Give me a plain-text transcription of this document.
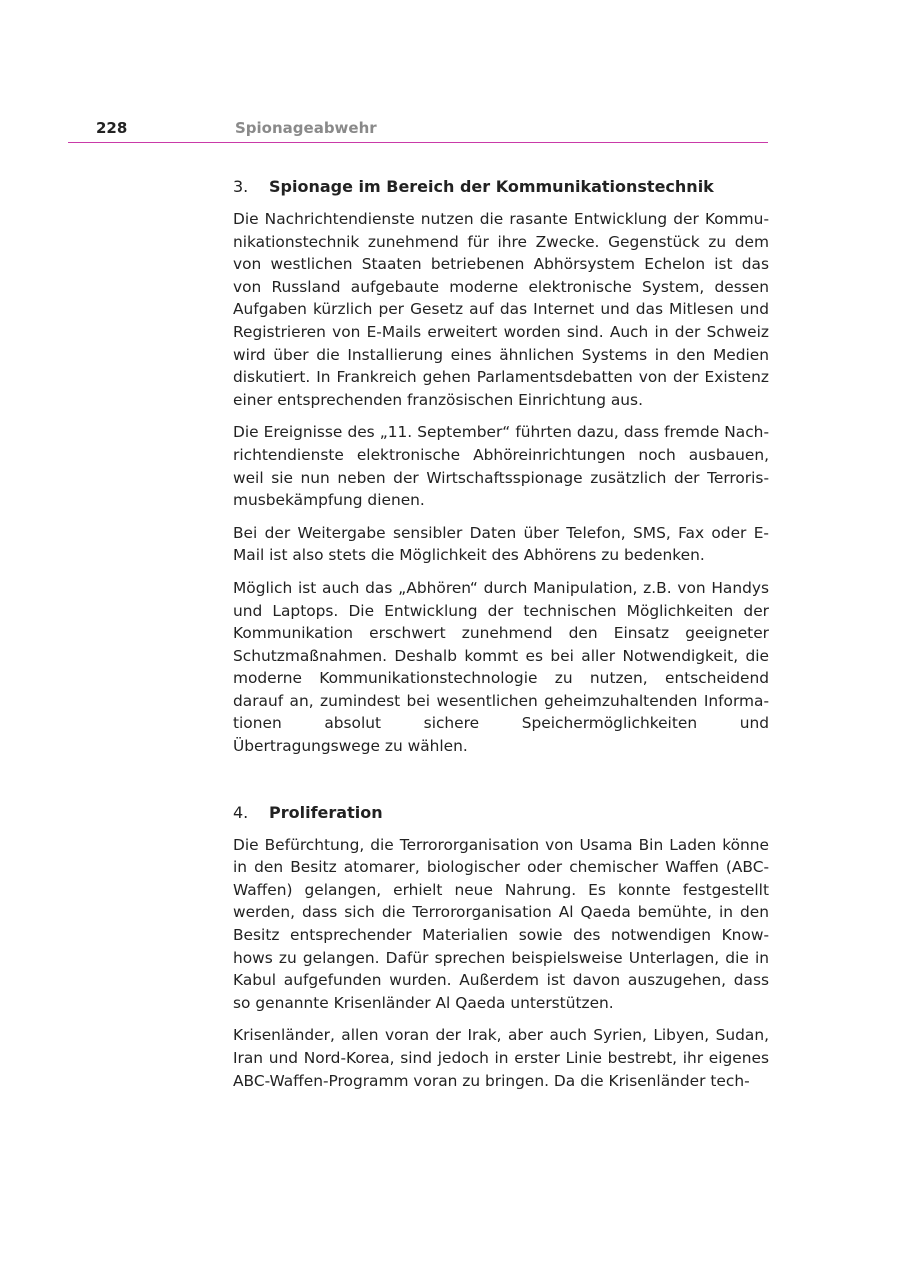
228	Spionageabwehr
3.	Spionage im Bereich der Kommunikationstechnik

Die Nachrichtendienste nutzen die rasante Entwicklung der Kommunikationstechnik zunehmend für ihre Zwecke. Gegenstück zu dem von westlichen Staaten betriebenen Abhörsystem Echelon ist das von Russland aufgebaute moderne elektronische System, dessen Aufgaben kürzlich per Gesetz auf das Internet und das Mitlesen und Registrieren von E-Mails erweitert worden sind. Auch in der Schweiz wird über die Installierung eines ähnlichen Systems in den Medien diskutiert. In Frankreich gehen Parlamentsdebatten von der Existenz einer entsprechenden französischen Einrichtung aus.

Die Ereignisse des „11. September“ führten dazu, dass fremde Nachrichtendienste elektronische Abhöreinrichtungen noch ausbauen, weil sie nun neben der Wirtschaftsspionage zusätzlich der Terrorismusbekämpfung dienen.

Bei der Weitergabe sensibler Daten über Telefon, SMS, Fax oder E-Mail ist also stets die Möglichkeit des Abhörens zu bedenken.

Möglich ist auch das „Abhören“ durch Manipulation, z.B. von Handys und Laptops. Die Entwicklung der technischen Möglichkeiten der Kommunikation erschwert zunehmend den Einsatz geeigneter Schutzmaßnahmen. Deshalb kommt es bei aller Notwendigkeit, die moderne Kommunikationstechnologie zu nutzen, entscheidend darauf an, zumindest bei wesentlichen geheimzuhaltenden Informationen absolut sichere Speichermöglichkeiten und Übertragungswege zu wählen.

4.	Proliferation

Die Befürchtung, die Terrororganisation von Usama Bin Laden könne in den Besitz atomarer, biologischer oder chemischer Waffen (ABC-Waffen) gelangen, erhielt neue Nahrung. Es konnte festgestellt werden, dass sich die Terrororganisation Al Qaeda bemühte, in den Besitz entsprechender Materialien sowie des notwendigen Know-hows zu gelangen. Dafür sprechen beispielsweise Unterlagen, die in Kabul aufgefunden wurden. Außerdem ist davon auszugehen, dass so genannte Krisenländer Al Qaeda unterstützen.

Krisenländer, allen voran der Irak, aber auch Syrien, Libyen, Sudan, Iran und Nord-Korea, sind jedoch in erster Linie bestrebt, ihr eigenes ABC-Waffen-Programm voran zu bringen. Da die Krisenländer tech-
